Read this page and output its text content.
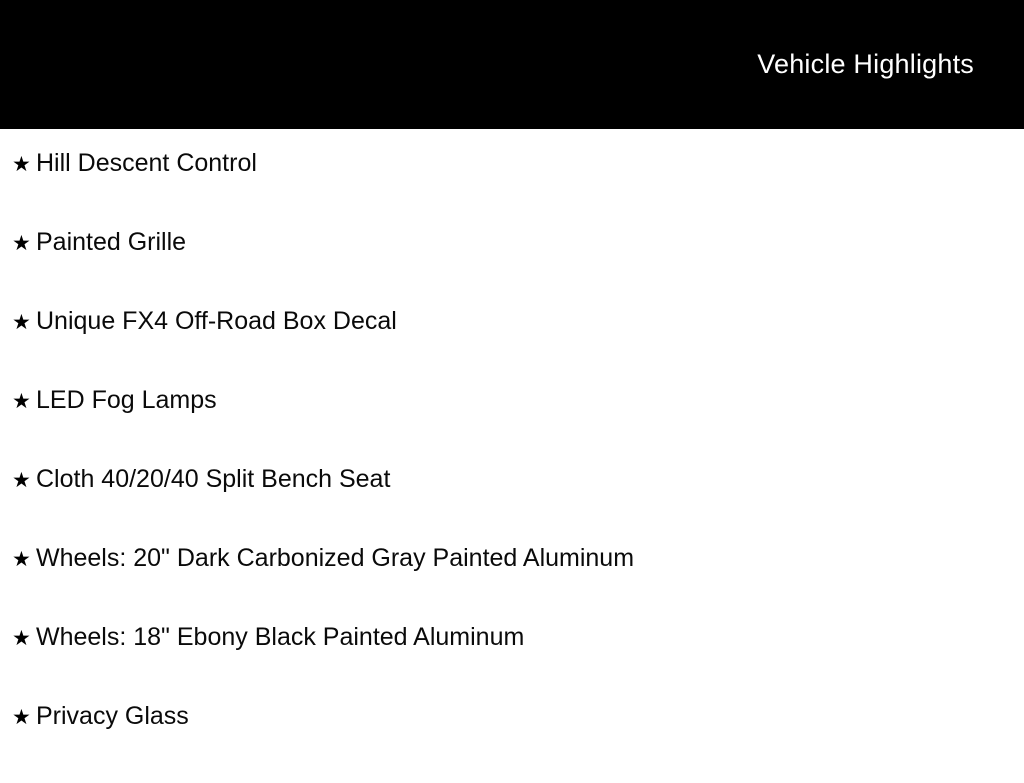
Vehicle Highlights
★ Hill Descent Control
★ Painted Grille
★ Unique FX4 Off-Road Box Decal
★ LED Fog Lamps
★ Cloth 40/20/40 Split Bench Seat
★ Wheels: 20" Dark Carbonized Gray Painted Aluminum
★ Wheels: 18" Ebony Black Painted Aluminum
★ Privacy Glass
